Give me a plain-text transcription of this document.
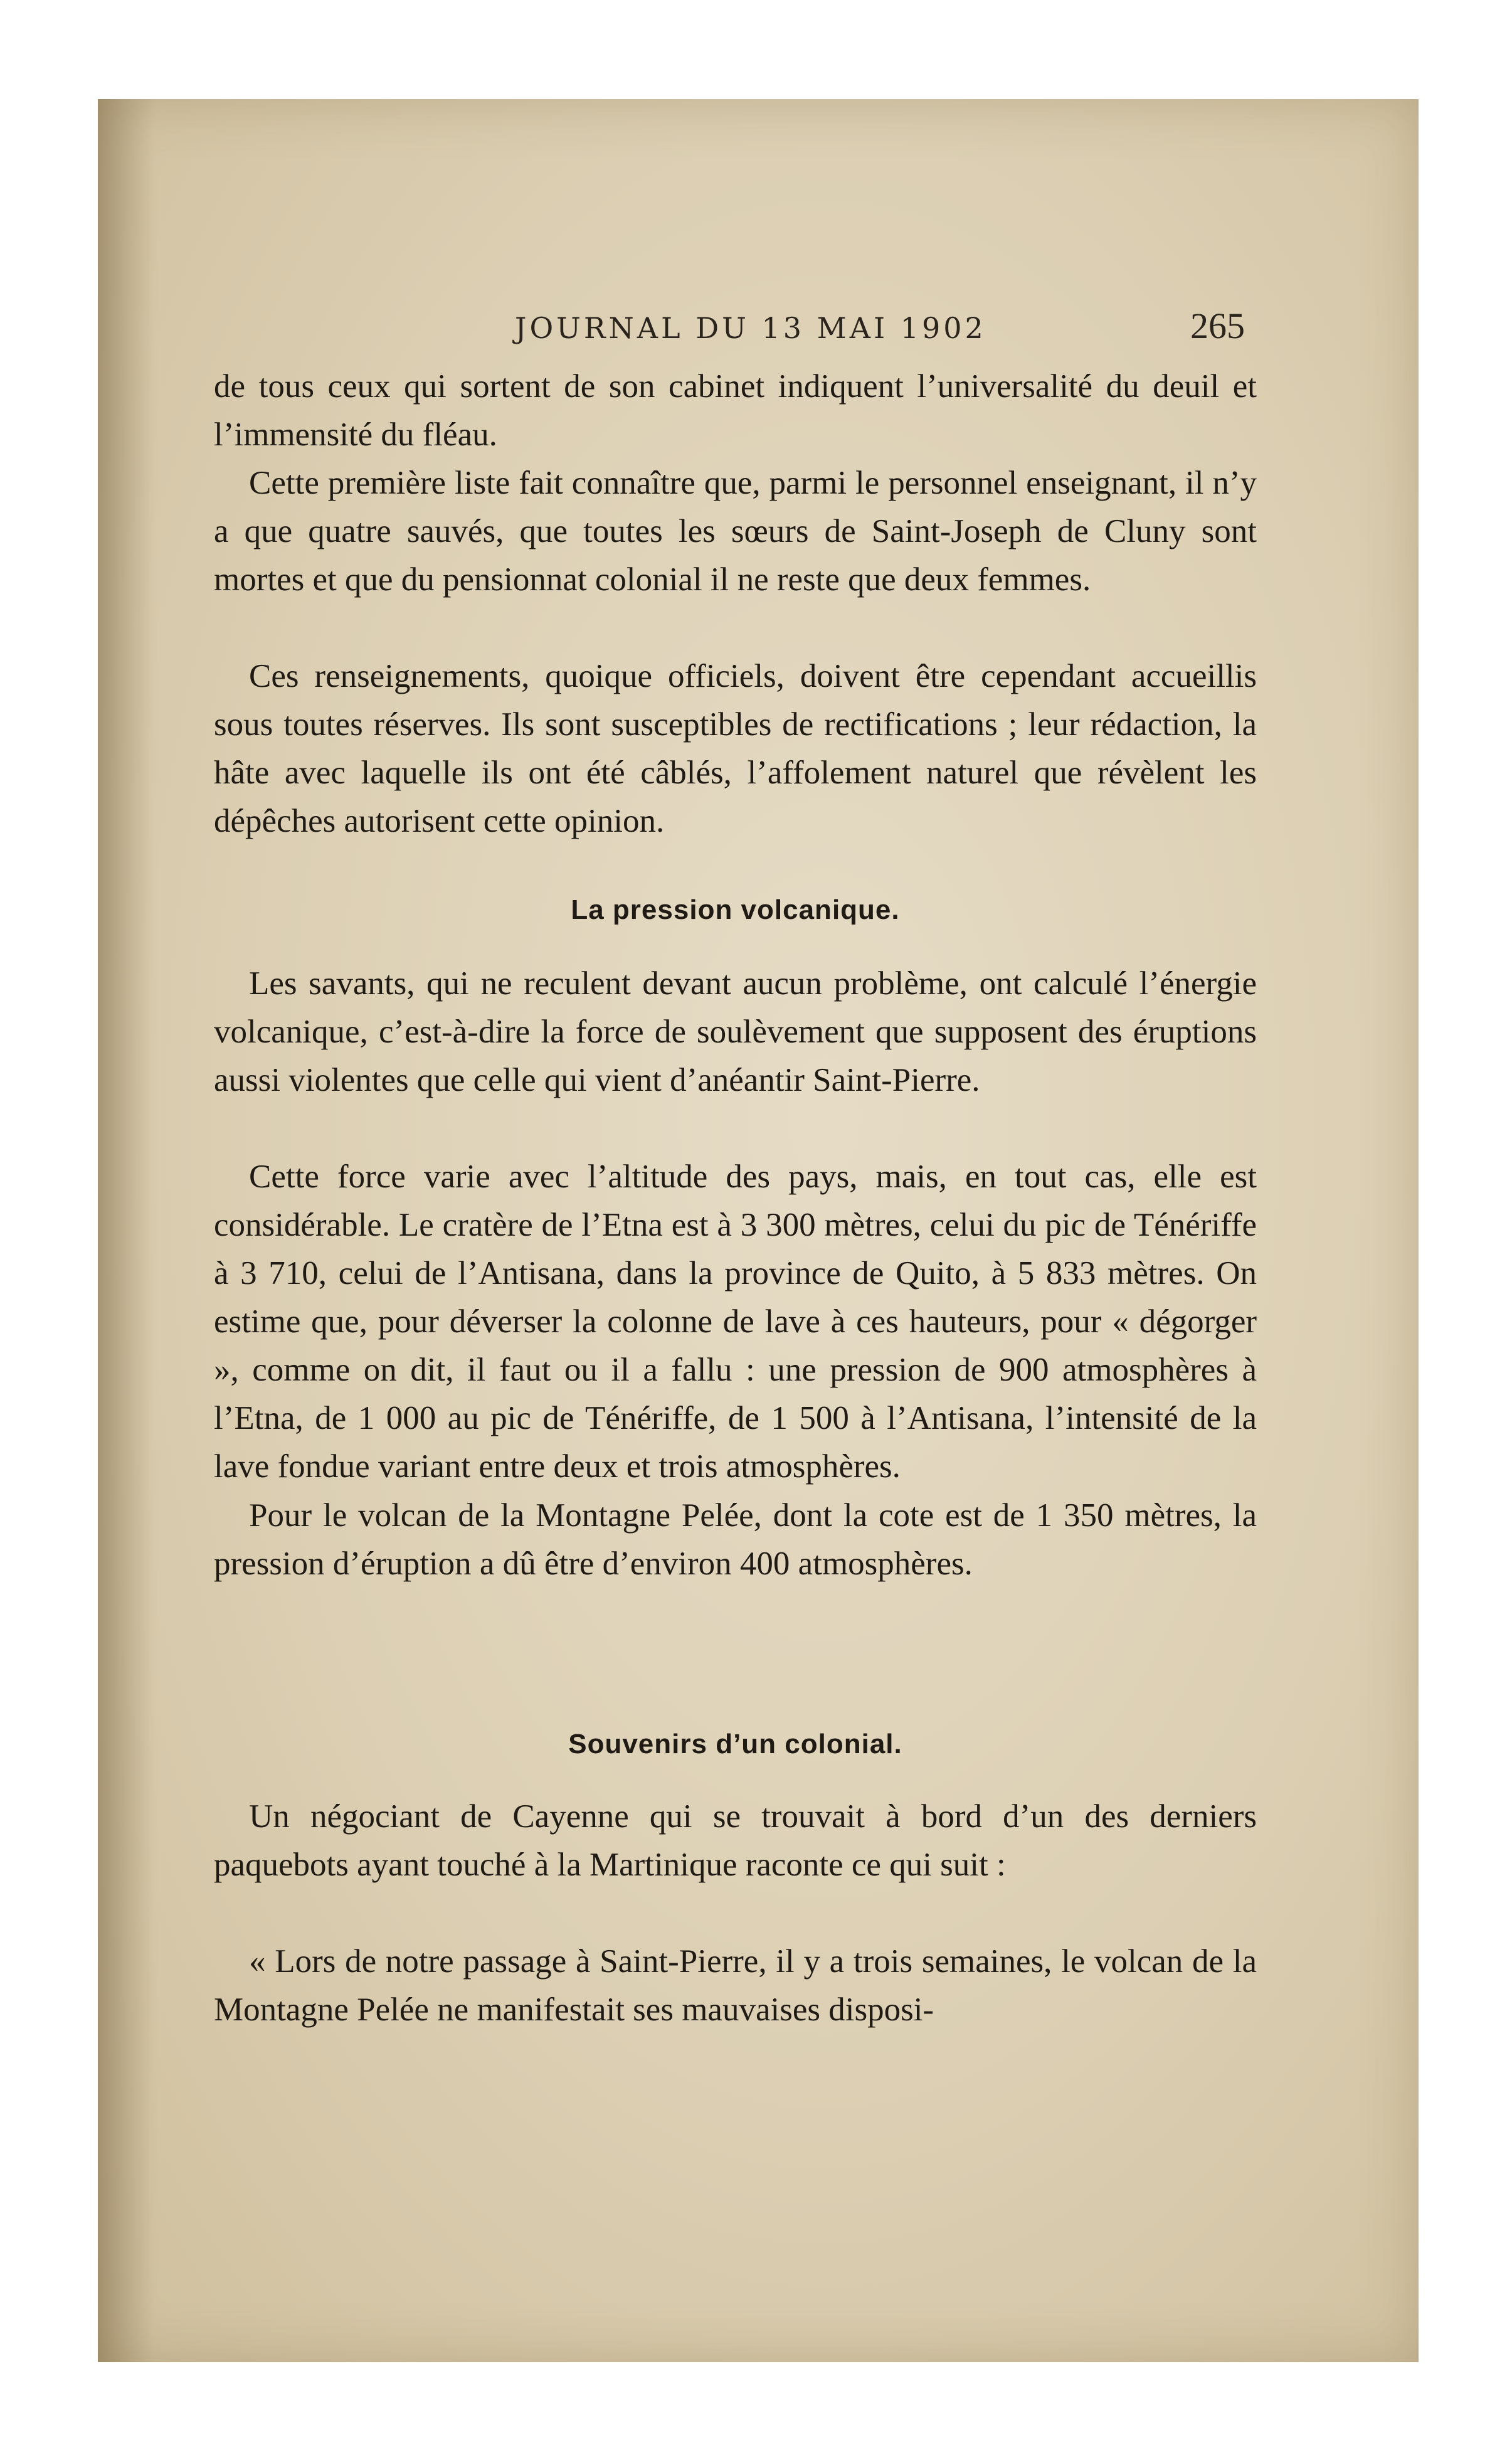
JOURNAL DU 13 MAI 1902	265

de tous ceux qui sortent de son cabinet indiquent l’universalité du deuil et l’immensité du fléau.

Cette première liste fait connaître que, parmi le personnel enseignant, il n’y a que quatre sauvés, que toutes les sœurs de Saint-Joseph de Cluny sont mortes et que du pensionnat colonial il ne reste que deux femmes.

Ces renseignements, quoique officiels, doivent être cependant accueillis sous toutes réserves. Ils sont susceptibles de rectifications ; leur rédaction, la hâte avec laquelle ils ont été câblés, l’affolement naturel que révèlent les dépêches autorisent cette opinion.

La pression volcanique.

Les savants, qui ne reculent devant aucun problème, ont calculé l’énergie volcanique, c’est-à-dire la force de soulèvement que supposent des éruptions aussi violentes que celle qui vient d’anéantir Saint-Pierre.

Cette force varie avec l’altitude des pays, mais, en tout cas, elle est considérable. Le cratère de l’Etna est à 3 300 mètres, celui du pic de Ténériffe à 3 710, celui de l’Antisana, dans la province de Quito, à 5 833 mètres. On estime que, pour déverser la colonne de lave à ces hauteurs, pour « dégorger », comme on dit, il faut ou il a fallu : une pression de 900 atmosphères à l’Etna, de 1 000 au pic de Ténériffe, de 1 500 à l’Antisana, l’intensité de la lave fondue variant entre deux et trois atmosphères.

Pour le volcan de la Montagne Pelée, dont la cote est de 1 350 mètres, la pression d’éruption a dû être d’environ 400 atmosphères.

Souvenirs d’un colonial.

Un négociant de Cayenne qui se trouvait à bord d’un des derniers paquebots ayant touché à la Martinique raconte ce qui suit :

« Lors de notre passage à Saint-Pierre, il y a trois semaines, le volcan de la Montagne Pelée ne manifestait ses mauvaises disposi-
